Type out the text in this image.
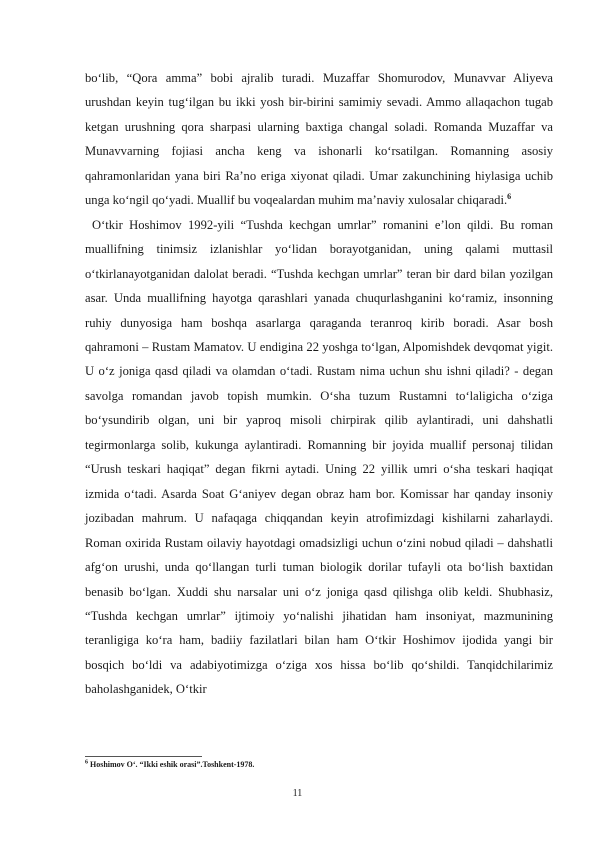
bo‘lib, “Qora amma” bobi ajralib turadi. Muzaffar Shomurodov, Munavvar Aliyeva urushdan keyin tug‘ilgan bu ikki yosh bir-birini samimiy sevadi. Ammo allaqachon tugab ketgan urushning qora sharpasi ularning baxtiga changal soladi. Romanda Muzaffar va Munavvarning fojiasi ancha keng va ishonarli ko‘rsatilgan. Romanning asosiy qahramonlaridan yana biri Ra’no eriga xiyonat qiladi. Umar zakunchining hiylasiga uchib unga ko‘ngil qo‘yadi. Muallif bu voqealardan muhim ma’naviy xulosalar chiqaradi.$^6$

O‘tkir Hoshimov 1992-yili “Tushda kechgan umrlar” romanini e’lon qildi. Bu roman muallifning tinimsiz izlanishlar yo‘lidan borayotganidan, uning qalami muttasil o‘tkirlanayotganidan dalolat beradi. “Tushda kechgan umrlar” teran bir dard bilan yozilgan asar. Unda muallifning hayotga qarashlari yanada chuqurlashganini ko‘ramiz, insonning ruhiy dunyosiga ham boshqa asarlarga qaraganda teranroq kirib boradi. Asar bosh qahramoni – Rustam Mamatov. U endigina 22 yoshga to‘lgan, Alpomishdek devqomat yigit. U o‘z joniga qasd qiladi va olamdan o‘tadi. Rustam nima uchun shu ishni qiladi? - degan savolga romandan javob topish mumkin. O‘sha tuzum Rustamni to‘laligicha o‘ziga bo‘ysundirib olgan, uni bir yaproq misoli chirpirak qilib aylantiradi, uni dahshatli tegirmonlarga solib, kukunga aylantiradi. Romanning bir joyida muallif personaj tilidan “Urush teskari haqiqat” degan fikrni aytadi. Uning 22 yillik umri o‘sha teskari haqiqat izmida o‘tadi. Asarda Soat G‘aniyev degan obraz ham bor. Komissar har qanday insoniy jozibadan mahrum. U nafaqaga chiqqandan keyin atrofimizdagi kishilarni zaharlaydi. Roman oxirida Rustam oilaviy hayotdagi omadsizligi uchun o‘zini nobud qiladi – dahshatli afg‘on urushi, unda qo‘llangan turli tuman biologik dorilar tufayli ota bo‘lish baxtidan benasib bo‘lgan. Xuddi shu narsalar uni o‘z joniga qasd qilishga olib keldi. Shubhasiz, “Tushda kechgan umrlar” ijtimoiy yo‘nalishi jihatidan ham insoniyat, mazmunining teranligiga ko‘ra ham, badiiy fazilatlari bilan ham O‘tkir Hoshimov ijodida yangi bir bosqich bo‘ldi va adabiyotimizga o‘ziga xos hissa bo‘lib qo‘shildi. Tanqidchilarimiz baholashganidek, O‘tkir

$^6$ Hoshimov O‘. “Ikki eshik orasi”.Toshkent-1978.
11
